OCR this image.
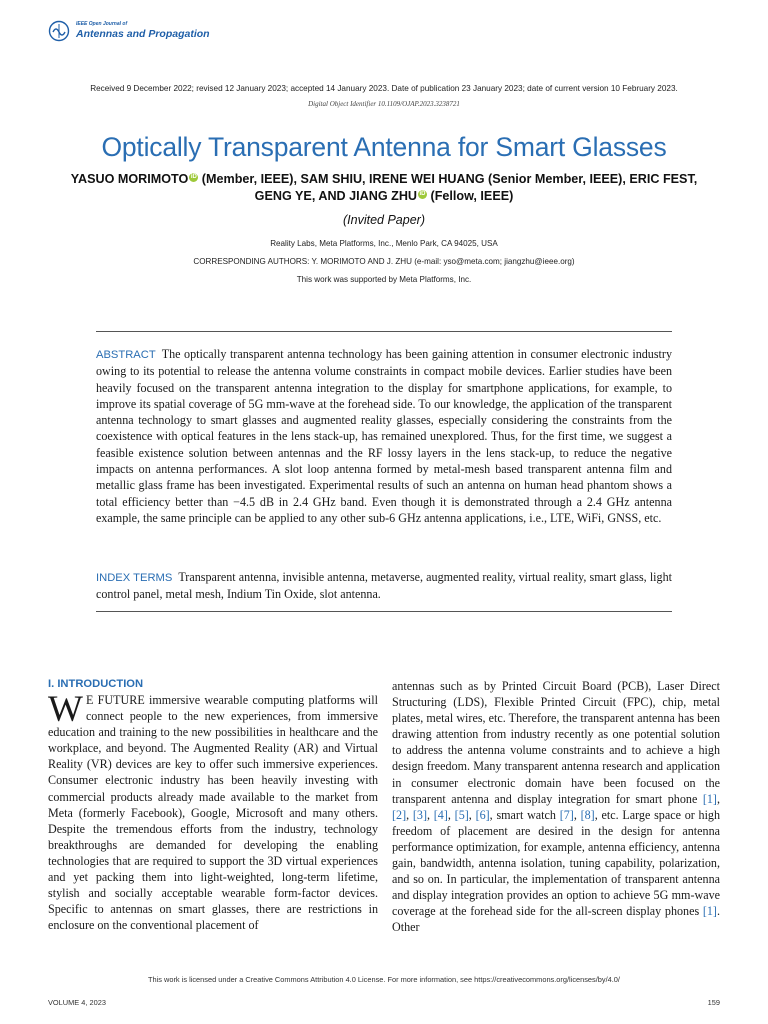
IEEE Open Journal of
Antennas and Propagation
Received 9 December 2022; revised 12 January 2023; accepted 14 January 2023. Date of publication 23 January 2023; date of current version 10 February 2023.
Digital Object Identifier 10.1109/OJAP.2023.3238721
Optically Transparent Antenna for Smart Glasses
YASUO MORIMOTO iD (Member, IEEE), SAM SHIU, IRENE WEI HUANG (Senior Member, IEEE), ERIC FEST,
GENG YE, AND JIANG ZHU iD (Fellow, IEEE)
(Invited Paper)
Reality Labs, Meta Platforms, Inc., Menlo Park, CA 94025, USA
CORRESPONDING AUTHORS: Y. MORIMOTO AND J. ZHU (e-mail: yso@meta.com; jiangzhu@ieee.org)
This work was supported by Meta Platforms, Inc.
ABSTRACT The optically transparent antenna technology has been gaining attention in consumer electronic industry owing to its potential to release the antenna volume constraints in compact mobile devices. Earlier studies have been heavily focused on the transparent antenna integration to the display for smartphone applications, for example, to improve its spatial coverage of 5G mm-wave at the forehead side. To our knowledge, the application of the transparent antenna technology to smart glasses and augmented reality glasses, especially considering the constraints from the coexistence with optical features in the lens stack-up, has remained unexplored. Thus, for the first time, we suggest a feasible existence solution between antennas and the RF lossy layers in the lens stack-up, to reduce the negative impacts on antenna performances. A slot loop antenna formed by metal-mesh based transparent antenna film and metallic glass frame has been investigated. Experimental results of such an antenna on human head phantom shows a total efficiency better than −4.5 dB in 2.4 GHz band. Even though it is demonstrated through a 2.4 GHz antenna example, the same principle can be applied to any other sub-6 GHz antenna applications, i.e., LTE, WiFi, GNSS, etc.
INDEX TERMS Transparent antenna, invisible antenna, metaverse, augmented reality, virtual reality, smart glass, light control panel, metal mesh, Indium Tin Oxide, slot antenna.
I. INTRODUCTION
W E FUTURE immersive wearable computing platforms will connect people to the new experiences, from immersive education and training to the new possibilities in healthcare and the workplace, and beyond. The Augmented Reality (AR) and Virtual Reality (VR) devices are key to offer such immersive experiences. Consumer electronic industry has been heavily investing with commercial products already made available to the market from Meta (formerly Facebook), Google, Microsoft and many others. Despite the tremendous efforts from the industry, technology breakthroughs are demanded for developing the enabling technologies that are required to support the 3D virtual experiences and yet packing them into light-weighted, long-term lifetime, stylish and socially acceptable wearable form-factor devices. Specific to antennas on smart glasses, there are restrictions in enclosure on the conventional placement of
antennas such as by Printed Circuit Board (PCB), Laser Direct Structuring (LDS), Flexible Printed Circuit (FPC), chip, metal plates, metal wires, etc. Therefore, the transparent antenna has been drawing attention from industry recently as one potential solution to address the antenna volume constraints and to achieve a high design freedom. Many transparent antenna research and application in consumer electronic domain have been focused on the transparent antenna and display integration for smart phone [1], [2], [3], [4], [5], [6], smart watch [7], [8], etc. Large space or high freedom of placement are desired in the design for antenna performance optimization, for example, antenna efficiency, antenna gain, bandwidth, antenna isolation, tuning capability, polarization, and so on. In particular, the implementation of transparent antenna and display integration provides an option to achieve 5G mm-wave coverage at the forehead side for the all-screen display phones [1]. Other
This work is licensed under a Creative Commons Attribution 4.0 License. For more information, see https://creativecommons.org/licenses/by/4.0/
VOLUME 4, 2023	159
